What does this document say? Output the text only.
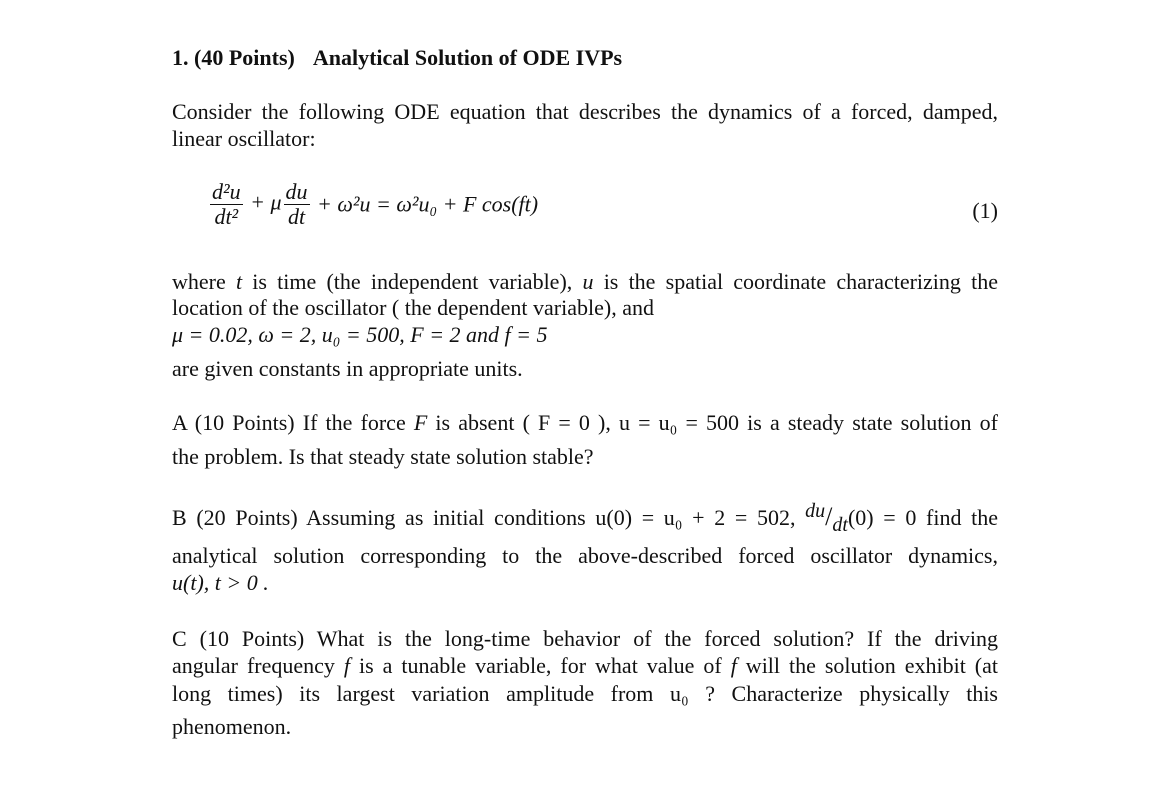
1. (40 Points) Analytical Solution of ODE IVPs
Consider the following ODE equation that describes the dynamics of a forced, damped,
linear oscillator:
$\frac{\text{d²u}}{\text{dt²}} + \mu \frac{du}{dt} + \omega^2u = \omega^2u_0 + F$ cos(ft)	(1)
where t is time (the independent variable), u is the spatial coordinate characterizing the
location of the oscillator ( the dependent variable), and
μ = 0.02, ω = 2, u₀ = 500, F = 2 and f = 5
are given constants in appropriate units.
A (10 Points) If the force F is absent ( F = 0 ), u = u₀ = 500 is a steady state solution of
the problem. Is that steady state solution stable?
B (20 Points) Assuming as initial conditions u(0) = u₀ + 2 = 502, du/dt(0) = 0 find the
analytical solution corresponding to the above-described forced oscillator dynamics,
u(t), t > 0 .
C (10 Points) What is the long-time behavior of the forced solution? If the driving
angular frequency f is a tunable variable, for what value of f will the solution exhibit (at
long times) its largest variation amplitude from u₀ ? Characterize physically this
phenomenon.
